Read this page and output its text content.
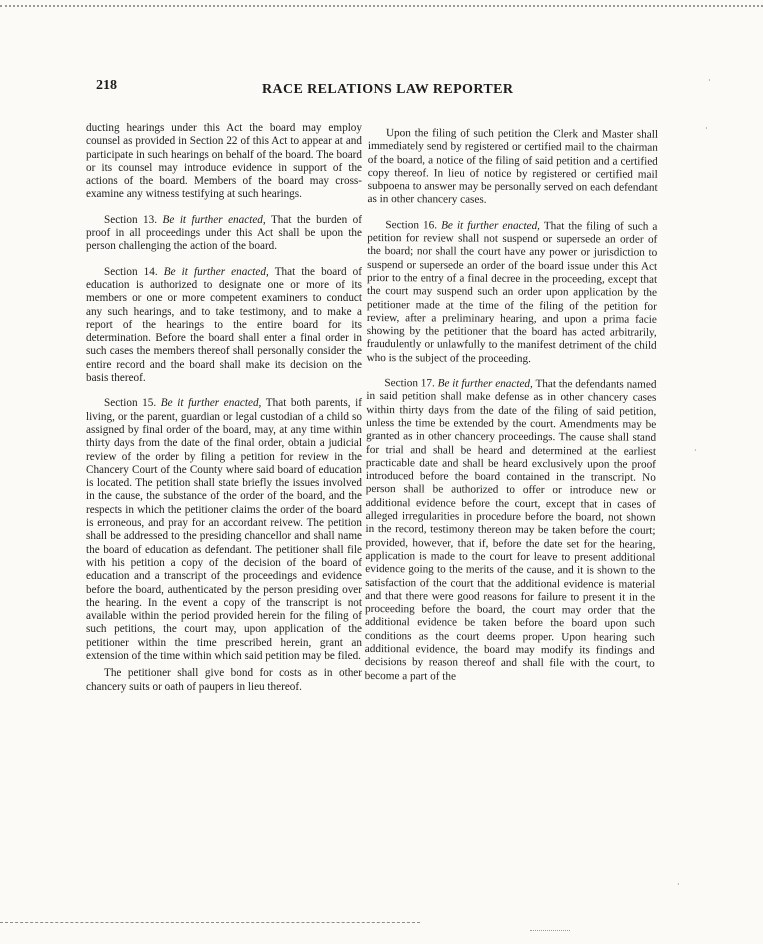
218	RACE RELATIONS LAW REPORTER

ducting hearings under this Act the board may employ counsel as provided in Section 22 of this Act to appear at and participate in such hearings on behalf of the board. The board or its counsel may introduce evidence in support of the actions of the board. Members of the board may cross-examine any witness testifying at such hearings.

Section 13. Be it further enacted, That the burden of proof in all proceedings under this Act shall be upon the person challenging the action of the board.

Section 14. Be it further enacted, That the board of education is authorized to designate one or more of its members or one or more competent examiners to conduct any such hearings, and to take testimony, and to make a report of the hearings to the entire board for its determination. Before the board shall enter a final order in such cases the members thereof shall personally consider the entire record and the board shall make its decision on the basis thereof.

Section 15. Be it further enacted, That both parents, if living, or the parent, guardian or legal custodian of a child so assigned by final order of the board, may, at any time within thirty days from the date of the final order, obtain a judicial review of the order by filing a petition for review in the Chancery Court of the County where said board of education is located. The petition shall state briefly the issues involved in the cause, the substance of the order of the board, and the respects in which the petitioner claims the order of the board is erroneous, and pray for an accordant reivew. The petition shall be addressed to the presiding chancellor and shall name the board of education as defendant. The petitioner shall file with his petition a copy of the decision of the board of education and a transcript of the proceedings and evidence before the board, authenticated by the person presiding over the hearing. In the event a copy of the transcript is not available within the period provided herein for the filing of such petitions, the court may, upon application of the petitioner within the time prescribed herein, grant an extension of the time within which said petition may be filed.

The petitioner shall give bond for costs as in other chancery suits or oath of paupers in lieu thereof.

Upon the filing of such petition the Clerk and Master shall immediately send by registered or certified mail to the chairman of the board, a notice of the filing of said petition and a certified copy thereof. In lieu of notice by registered or certified mail subpoena to answer may be personally served on each defendant as in other chancery cases.

Section 16. Be it further enacted, That the filing of such a petition for review shall not suspend or supersede an order of the board; nor shall the court have any power or jurisdiction to suspend or supersede an order of the board issue under this Act prior to the entry of a final decree in the proceeding, except that the court may suspend such an order upon application by the petitioner made at the time of the filing of the petition for review, after a preliminary hearing, and upon a prima facie showing by the petitioner that the board has acted arbitrarily, fraudulently or unlawfully to the manifest detriment of the child who is the subject of the proceeding.

Section 17. Be it further enacted, That the defendants named in said petition shall make defense as in other chancery cases within thirty days from the date of the filing of said petition, unless the time be extended by the court. Amendments may be granted as in other chancery proceedings. The cause shall stand for trial and shall be heard and determined at the earliest practicable date and shall be heard exclusively upon the proof introduced before the board contained in the transcript. No person shall be authorized to offer or introduce new or additional evidence before the court, except that in cases of alleged irregularities in procedure before the board, not shown in the record, testimony thereon may be taken before the court; provided, however, that if, before the date set for the hearing, application is made to the court for leave to present additional evidence going to the merits of the cause, and it is shown to the satisfaction of the court that the additional evidence is material and that there were good reasons for failure to present it in the proceeding before the board, the court may order that the additional evidence be taken before the board upon such conditions as the court deems proper. Upon hearing such additional evidence, the board may modify its findings and decisions by reason thereof and shall file with the court, to become a part of the

·
·
·
·
